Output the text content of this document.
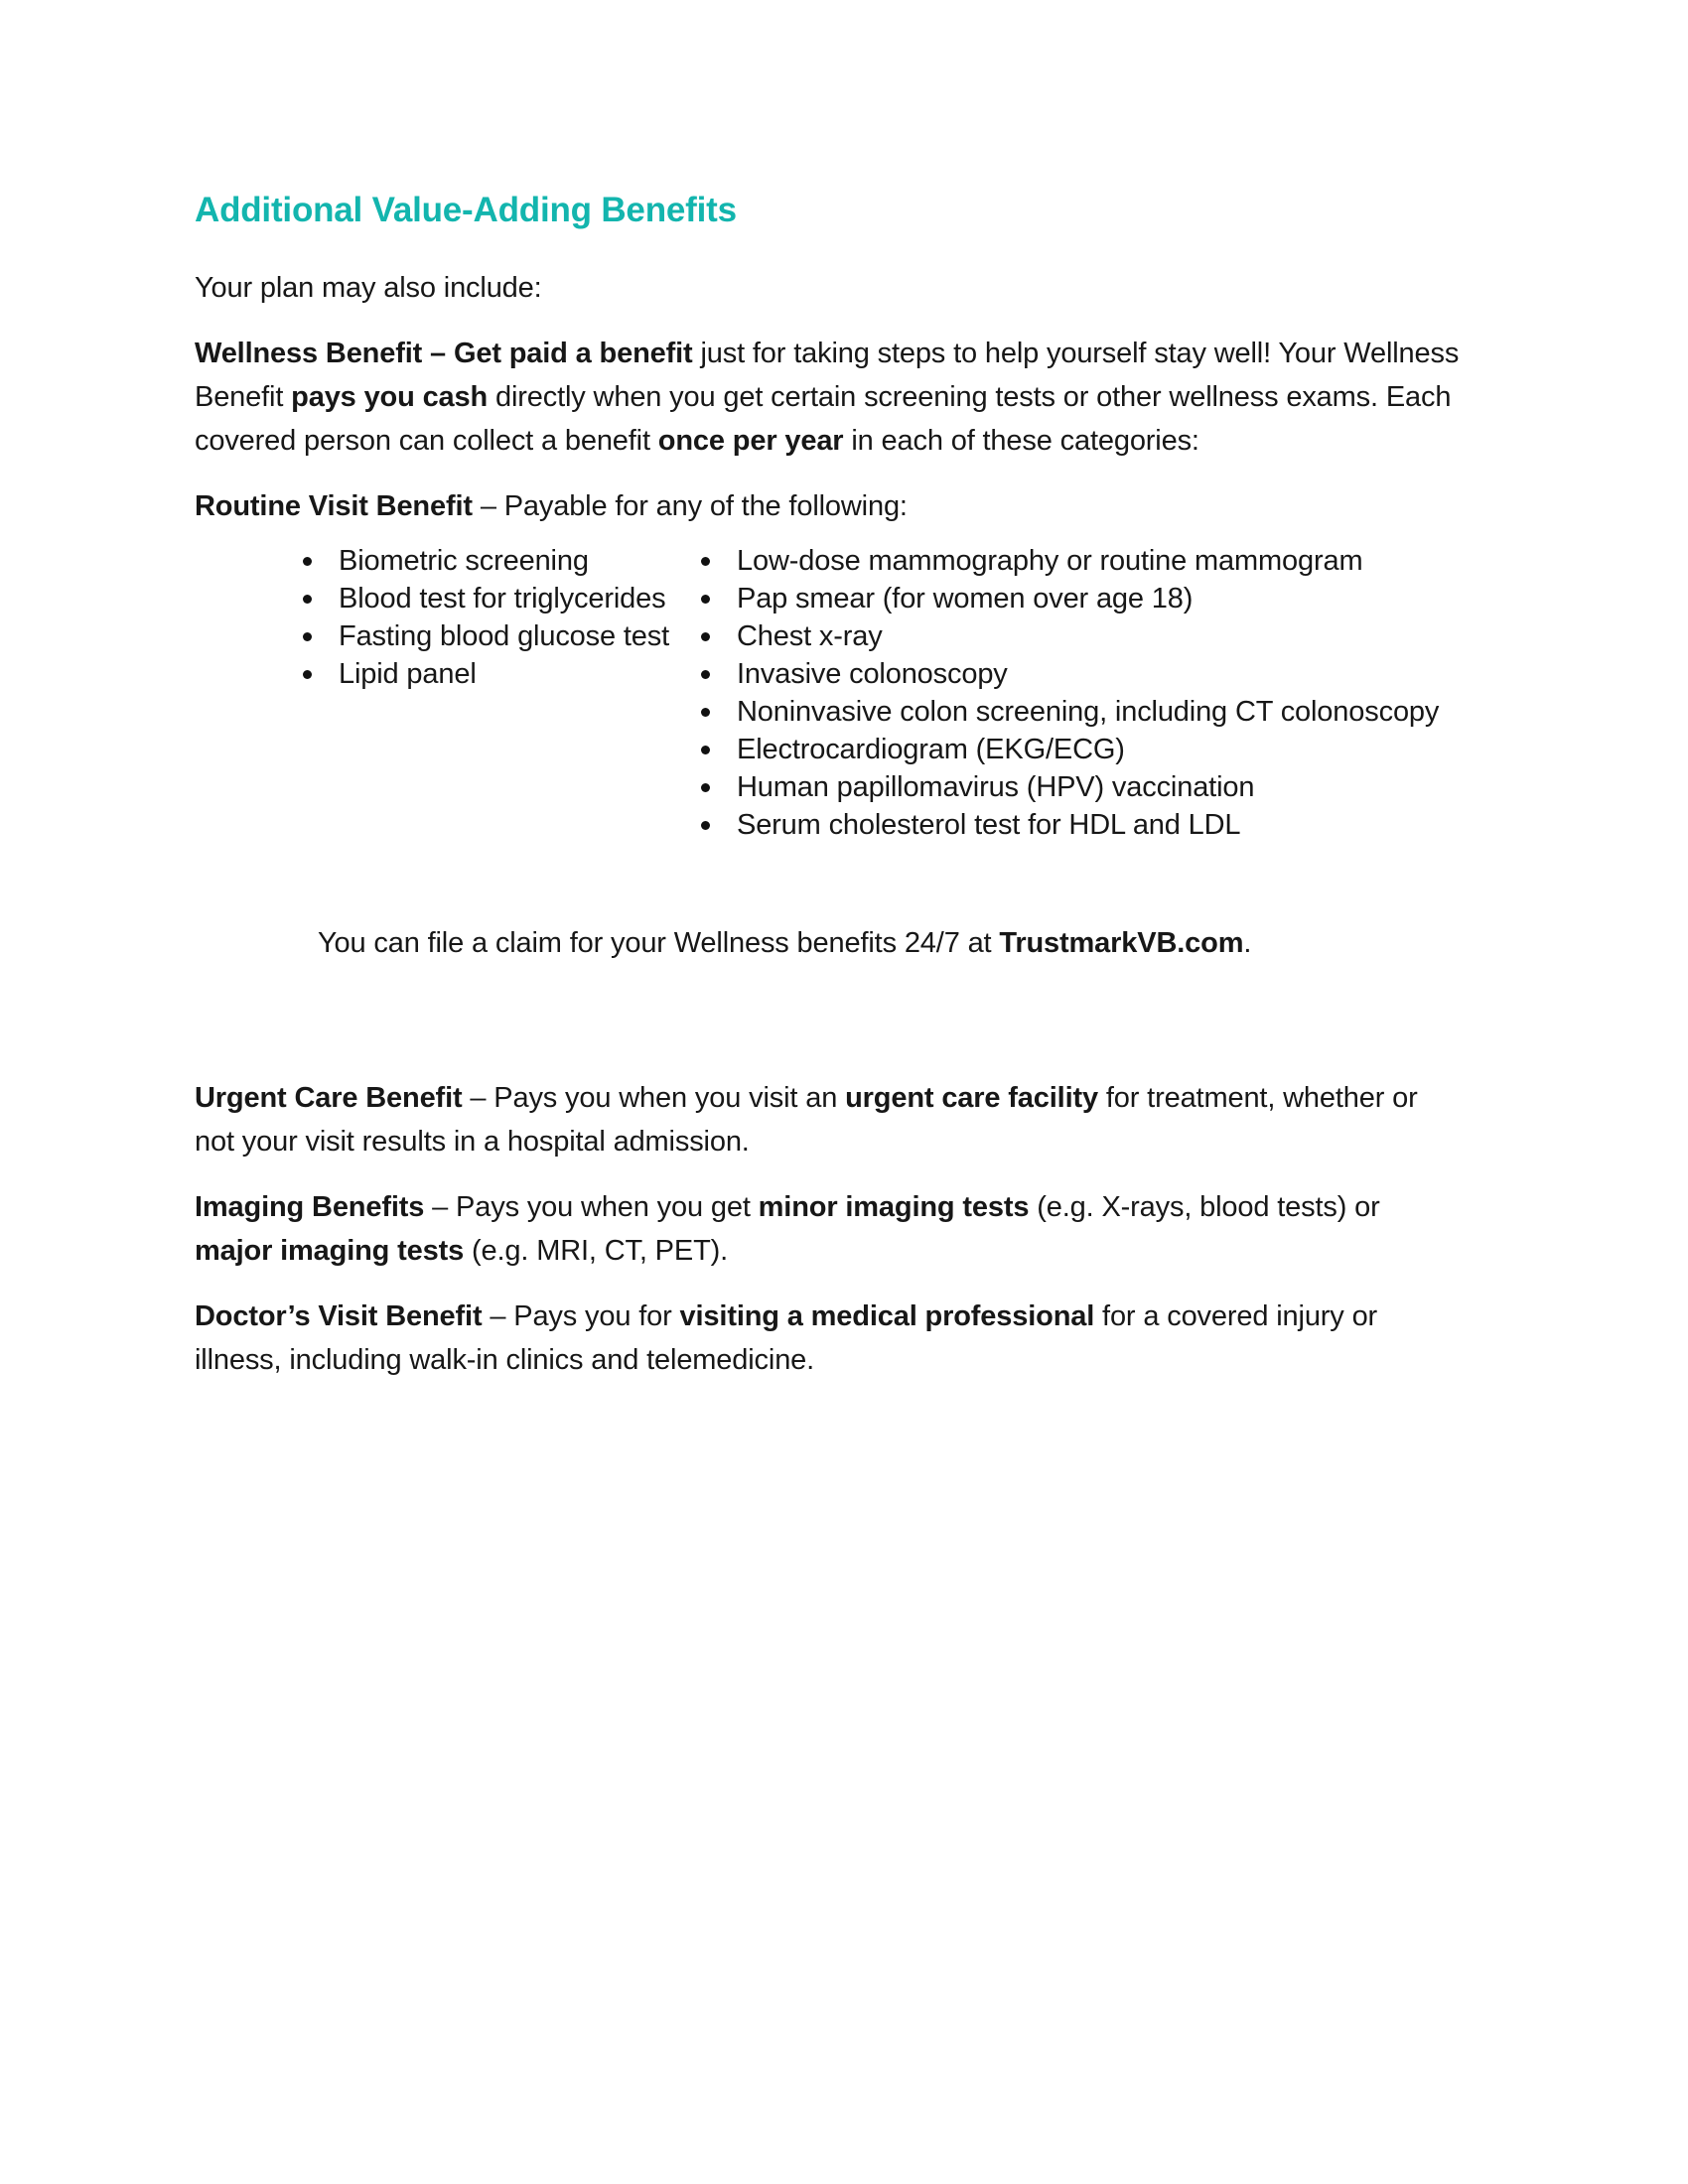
Additional Value-Adding Benefits

Your plan may also include:

Wellness Benefit – Get paid a benefit just for taking steps to help yourself stay well! Your Wellness Benefit pays you cash directly when you get certain screening tests or other wellness exams. Each covered person can collect a benefit once per year in each of these categories:

Routine Visit Benefit – Payable for any of the following:

Biometric screening
Blood test for triglycerides
Fasting blood glucose test
Lipid panel
Low-dose mammography or routine mammogram
Pap smear (for women over age 18)
Chest x-ray
Invasive colonoscopy
Noninvasive colon screening, including CT colonoscopy
Electrocardiogram (EKG/ECG)
Human papillomavirus (HPV) vaccination
Serum cholesterol test for HDL and LDL

You can file a claim for your Wellness benefits 24/7 at TrustmarkVB.com.

Urgent Care Benefit – Pays you when you visit an urgent care facility for treatment, whether or not your visit results in a hospital admission.

Imaging Benefits – Pays you when you get minor imaging tests (e.g. X-rays, blood tests) or major imaging tests (e.g. MRI, CT, PET).

Doctor’s Visit Benefit – Pays you for visiting a medical professional for a covered injury or illness, including walk-in clinics and telemedicine.
